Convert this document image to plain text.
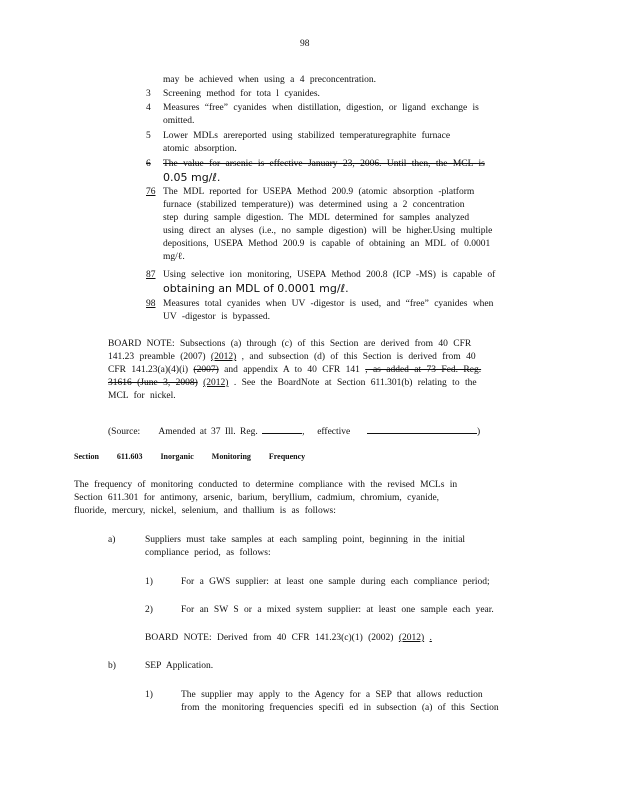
98
may be achieved when using a 4 preconcentration.
3 Screening method for tota l cyanides.
4 Measures “free” cyanides when distillation, digestion, or ligand exchange is
omitted.
5 Lower MDLs arereported using stabilized temperaturegraphite furnace
atomic absorption.
6 The value for arsenic is effective January 23, 2006. Until then, the MCL is
0.05 mg/ℓ.
76 The MDL reported for USEPA Method 200.9 (atomic absorption -platform
furnace (stabilized temperature)) was determined using a 2 concentration
step during sample digestion. The MDL determined for samples analyzed
using direct an alyses (i.e., no sample digestion) will be higher.Using multiple
depositions, USEPA Method 200.9 is capable of obtaining an MDL of 0.0001
mg/ℓ.
87 Using selective ion monitoring, USEPA Method 200.8 (ICP -MS) is capable of
obtaining an MDL of 0.0001 mg/ℓ.
98 Measures total cyanides when UV -digestor is used, and “free” cyanides when
UV -digestor is bypassed.
BOARD NOTE: Subsections (a) through (c) of this Section are derived from 40 CFR
141.23 preamble (2007) (2012) , and subsection (d) of this Section is derived from 40
CFR 141.23(a)(4)(i) (2007) and appendix A to 40 CFR 141 , as added at 73 Fed. Reg.
31616 (June 3, 2008) (2012) . See the BoardNote at Section 611.301(b) relating to the
MCL for nickel.
(Source: Amended at 37 Ill. Reg.	,  effective	)
Section 611.603 Inorganic Monitoring Frequency
The frequency of monitoring conducted to determine compliance with the revised MCLs in
Section 611.301 for antimony, arsenic, barium, beryllium, cadmium, chromium, cyanide,
fluoride, mercury, nickel, selenium, and thallium is as follows:
a)	Suppliers must take samples at each sampling point, beginning in the initial
compliance period, as follows:
1)	For a GWS supplier: at least one sample during each compliance period;
2)	For an SW S or a mixed system supplier: at least one sample each year.
BOARD NOTE: Derived from 40 CFR 141.23(c)(1) (2002) (2012) .
b)	SEP Application.
1)	The supplier may apply to the Agency for a SEP that allows reduction
from the monitoring frequencies specifi ed in subsection (a) of this Section
